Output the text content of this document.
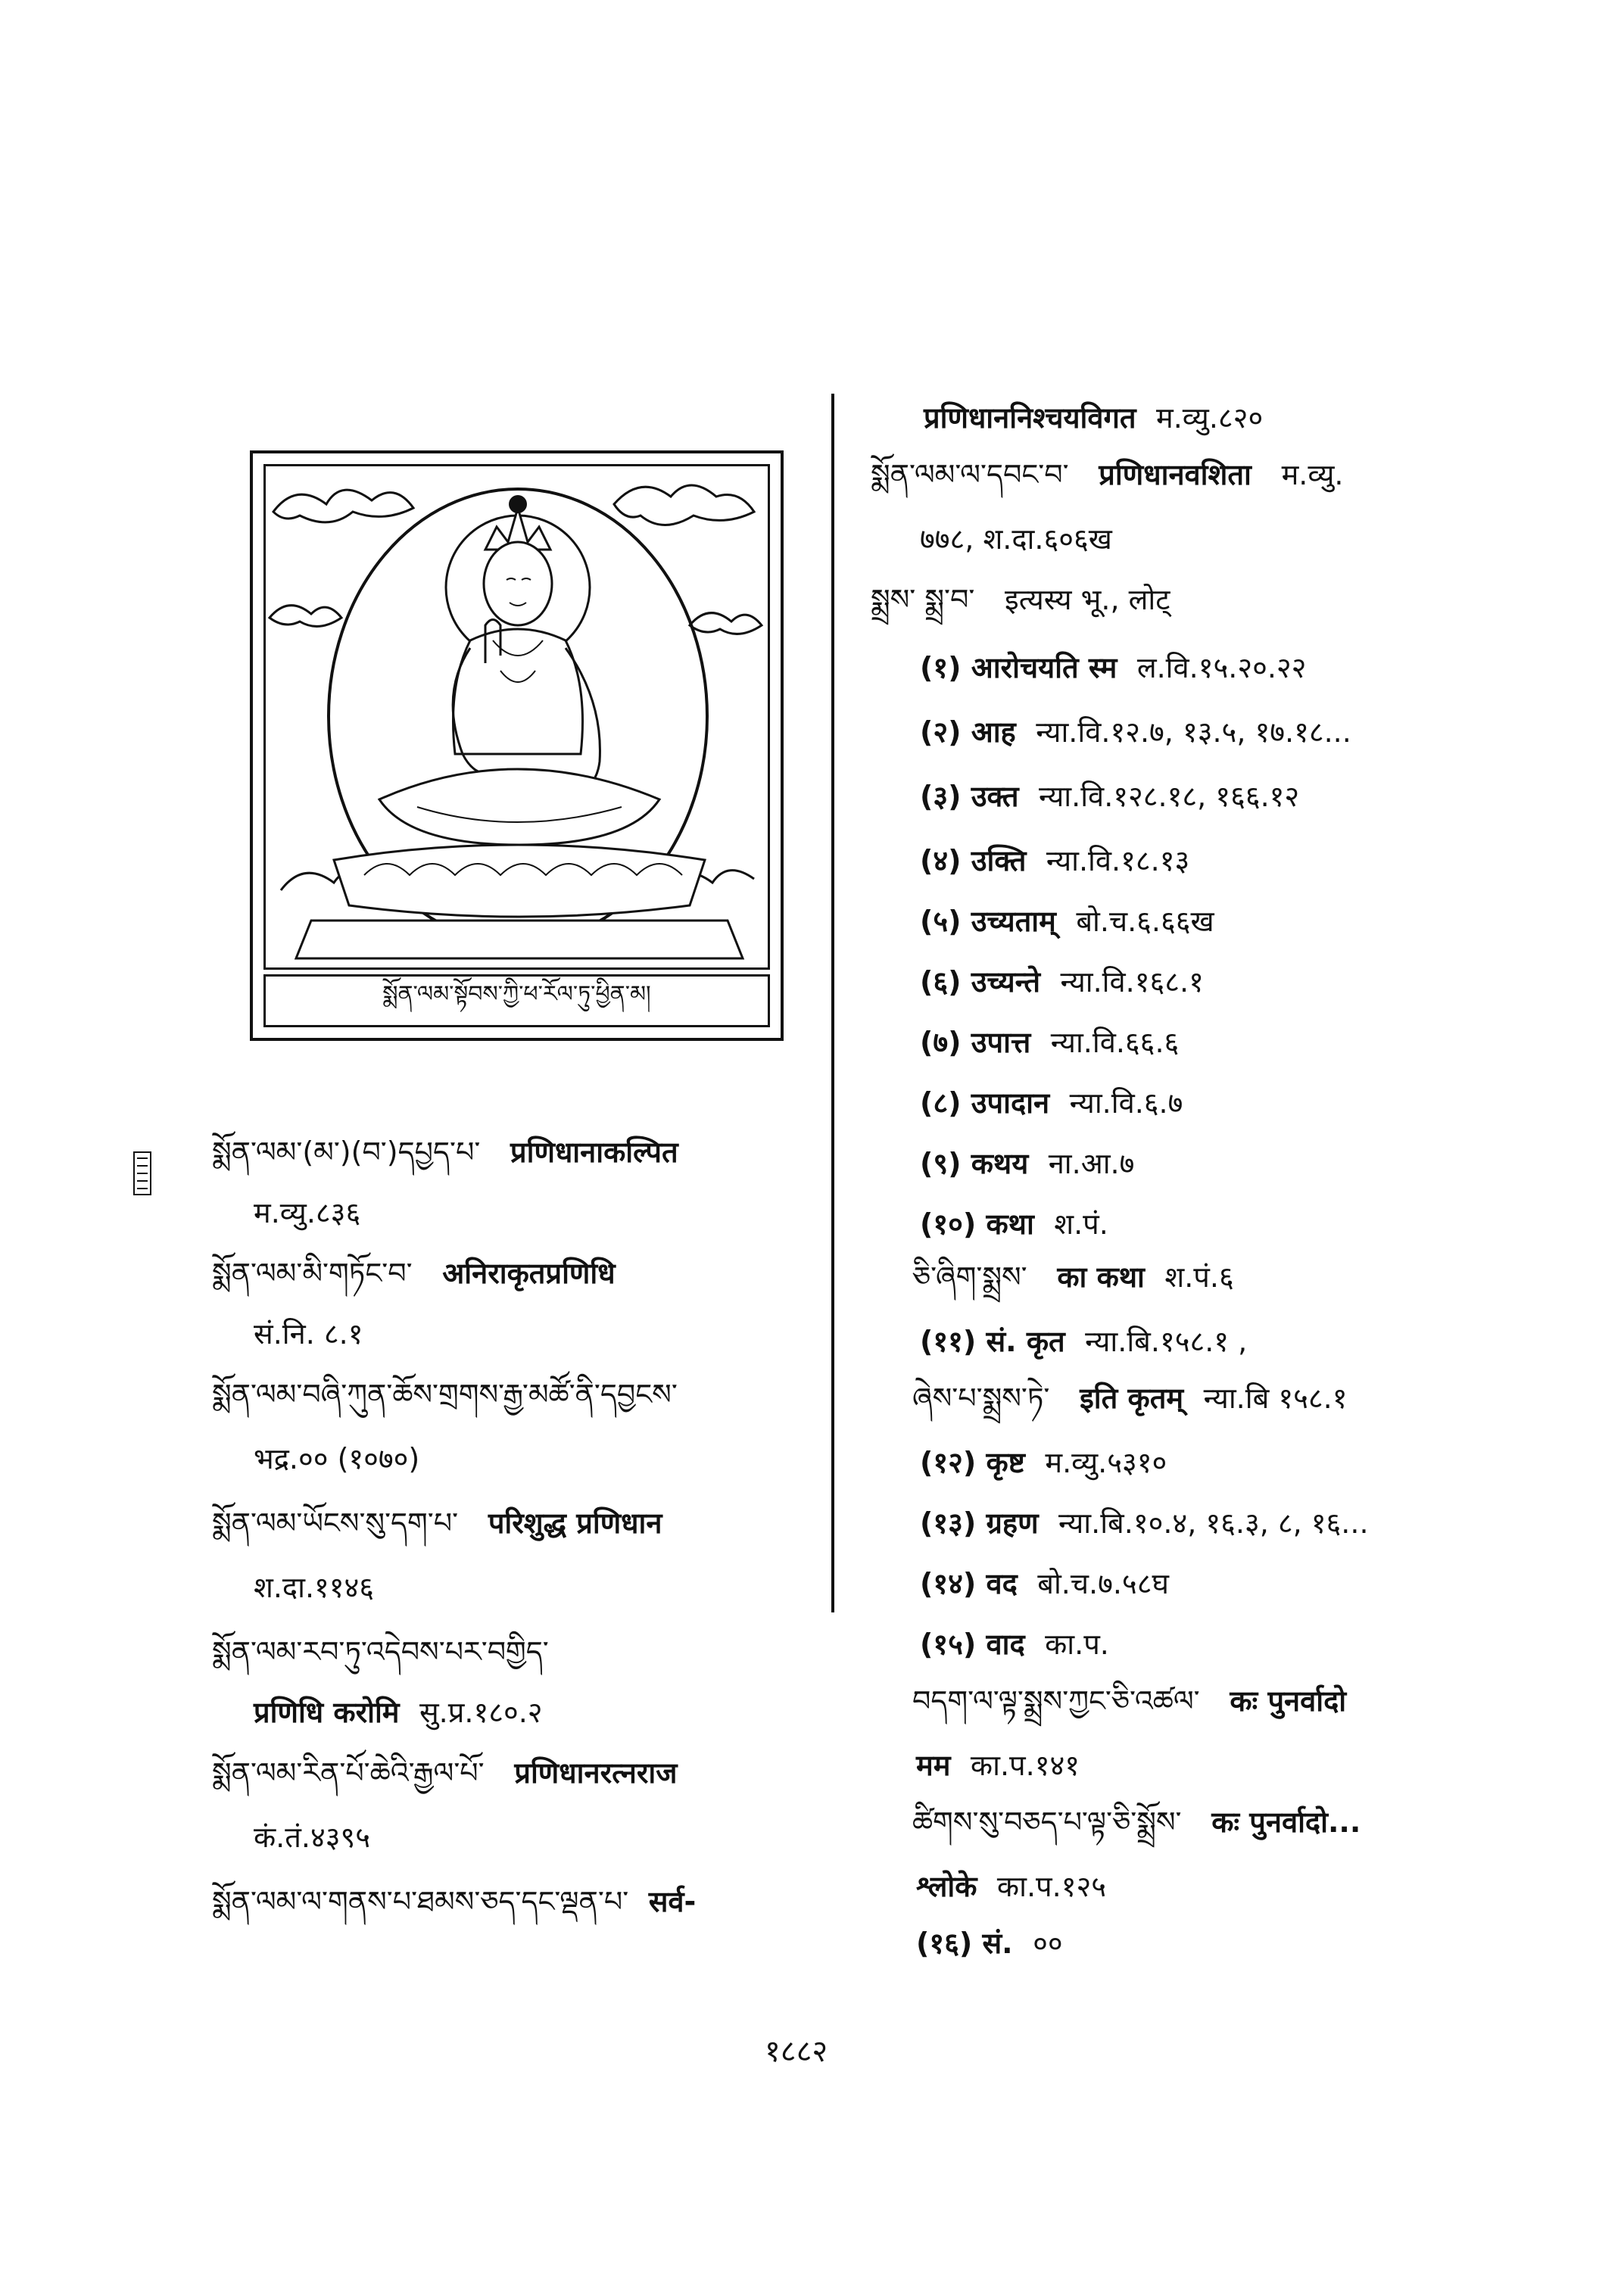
སྨོན་ལམ་སྟོབས་ཀྱི་ཕ་རོལ་ཏུ་ཕྱིན་མ།
སྨོན་ལམ་(མ་)(བ་)དཔྱད་པ་ प्रणिधानाकल्पित
म.व्यु.८३६
སྨོན་ལམ་མི་གཏོང་བ་ अनिराकृतप्रणिधि
सं.नि. ८.१
སྨོན་ལམ་བཞི་ཀུན་ཆོས་གྲགས་རྒྱ་མཚོ་ནི་དབྱངས་
भद्र.०० (१०७०)
སྨོན་ལམ་ཡོངས་སུ་དག་པ་ परिशुद्ध प्रणिधान
श.दा.११४६
སྨོན་ལམ་རབ་ཏུ་འདེབས་པར་བགྱིད་
प्रणिधि करोमि सु.प्र.१८०.२
སྨོན་ལམ་རིན་པོ་ཆེའི་རྒྱལ་པོ་ प्रणिधानरत्नराज
कं.तं.४३९५
སྨོན་ལམ་ལ་གནས་པ་ཐམས་ཅད་དང་ལྡན་པ་ सर्व-
प्रणिधाननिश्चयविगत म.व्यु.८२०
སྨོན་ལམ་ལ་དབང་བ་ प्रणिधानवशिता म.व्यु.
७७८, श.दा.६०६ख
སྨྲས་ སྨྲ་བ་ इत्यस्य भू., लोट्
(१) आरोचयति स्म ल.वि.१५.२०.२२
(२) आह न्या.वि.१२.७, १३.५, १७.१८...
(३) उक्त न्या.वि.१२८.१८, १६६.१२
(४) उक्ति न्या.वि.१८.१३
(५) उच्यताम् बो.च.६.६६ख
(६) उच्यन्ते न्या.वि.१६८.१
(७) उपात्त न्या.वि.६६.६
(८) उपादान न्या.वि.६.७
(९) कथय ना.आ.७
(१०) कथा श.पं.
ཅི་ཞིག་སྨྲས་ का कथा श.पं.६
(११) सं. कृत न्या.बि.१५८.१ ,
ཞེས་པ་སྨྲས་ཏེ་ इति कृतम् न्या.बि १५८.१
(१२) कृष्ट म.व्यु.५३१०
(१३) ग्रहण न्या.बि.१०.४, १६.३, ८, १६...
(१४) वद बो.च.७.५८घ
(१५) वाद का.प.
བདག་ལ་ལྟ་སྨྲས་ཀྱང་ཅི་འཚལ་ कः पुनर्वादो
मम का.प.१४१
ཚིགས་སུ་བཅད་པ་ལྟ་ཅི་སྨྲོས་ कः पुनर्वादो...
श्लोके का.प.१२५
(१६) सं. ००
१८८२
